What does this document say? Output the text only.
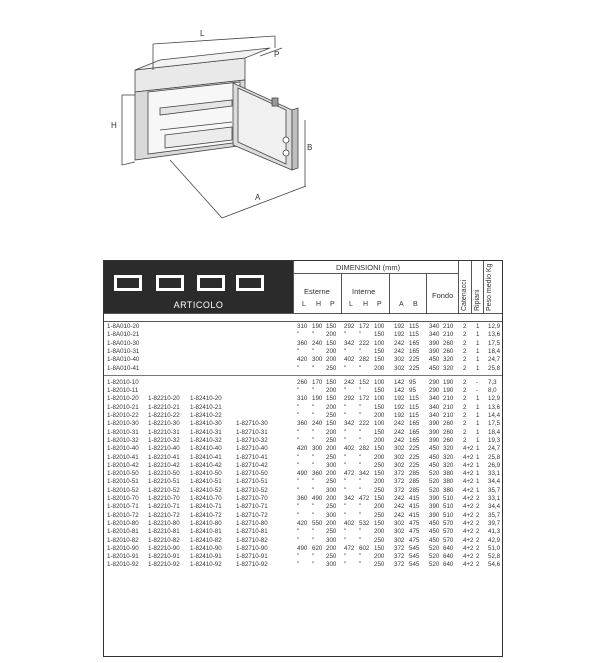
L
P
H
A
B
ARTICOLO
DIMENSIONI (mm)
Esterne	Interne	Fondo
L H P L H P A B	Catenacci Ripiani Peso medio Kg
1-8A010-20	310 190 150 292 172 100 192 115 340 210 2 1 12,9
1-8A010-21	" " 200 " " 150 192 115 340 210 2 1 13,6
1-8A010-30	360 240 150 342 222 100 242 165 390 260 2 1 17,5
1-8A010-31	" " 200 " " 150 242 165 390 260 2 1 18,4
1-8A010-40	420 300 200 402 282 150 302 225 450 320 2 1 24,7
1-8A010-41	" " 250 " " 200 302 225 450 320 2 1 25,8
1-82010-10	260 170 150 242 152 100 142 95 290 190 2 - 7,3
1-82010-11	" " 200 " " 150 142 95 290 190 2 - 8,0
1-82010-20 1-82210-20 1-82410-20	310 190 150 292 172 100 192 115 340 210 2 1 12,9
1-82010-21 1-82210-21 1-82410-21	" " 200 " " 150 192 115 340 210 2 1 13,6
1-82010-22 1-82210-22 1-82410-22	" " 250 " " 200 192 115 340 210 2 1 14,4
1-82010-30 1-82210-30 1-82410-30 1-82710-30	360 240 150 342 222 100 242 165 390 260 2 1 17,5
1-82010-31 1-82210-31 1-82410-31 1-82710-31	" " 200 " " 150 242 165 390 260 2 1 18,4
1-82010-32 1-82210-32 1-82410-32 1-82710-32	" " 250 " " 200 242 165 390 260 2 1 19,3
1-82010-40 1-82210-40 1-82410-40 1-82710-40	420 300 200 402 282 150 302 225 450 320 4+2 1 24,7
1-82010-41 1-82210-41 1-82410-41 1-82710-41	" " 250 " " 200 302 225 450 320 4+2 1 25,8
1-82010-42 1-82210-42 1-82410-42 1-82710-42	" " 300 " " 250 302 225 450 320 4+2 1 26,9
1-82010-50 1-82210-50 1-82410-50 1-82710-50	490 360 200 472 342 150 372 285 520 380 4+2 1 33,1
1-82010-51 1-82210-51 1-82410-51 1-82710-51	" " 250 " " 200 372 285 520 380 4+2 1 34,4
1-82010-52 1-82210-52 1-82410-52 1-82710-52	" " 300 " " 250 372 285 520 380 4+2 1 35,7
1-82010-70 1-82210-70 1-82410-70 1-82710-70	360 490 200 342 472 150 242 415 390 510 4+2 2 33,1
1-82010-71 1-82210-71 1-82410-71 1-82710-71	" " 250 " " 200 242 415 390 510 4+2 2 34,4
1-82010-72 1-82210-72 1-82410-72 1-82710-72	" " 300 " " 250 242 415 390 510 4+2 2 35,7
1-82010-80 1-82210-80 1-82410-80 1-82710-80	420 550 200 402 532 150 302 475 450 570 4+2 2 39,7
1-82010-81 1-82210-81 1-82410-81 1-82710-81	" " 250 " " 200 302 475 450 570 4+2 2 41,3
1-82010-82 1-82210-82 1-82410-82 1-82710-82	" " 300 " " 250 302 475 450 570 4+2 2 42,9
1-82010-90 1-82210-90 1-82410-90 1-82710-90	490 620 200 472 602 150 372 545 520 640 4+2 2 51,0
1-82010-91 1-82210-91 1-82410-91 1-82710-91	" " 250 " " 200 372 545 520 640 4+2 2 52,8
1-82010-92 1-82210-92 1-82410-92 1-82710-92	" " 300 " " 250 372 545 520 640 4+2 2 54,6
